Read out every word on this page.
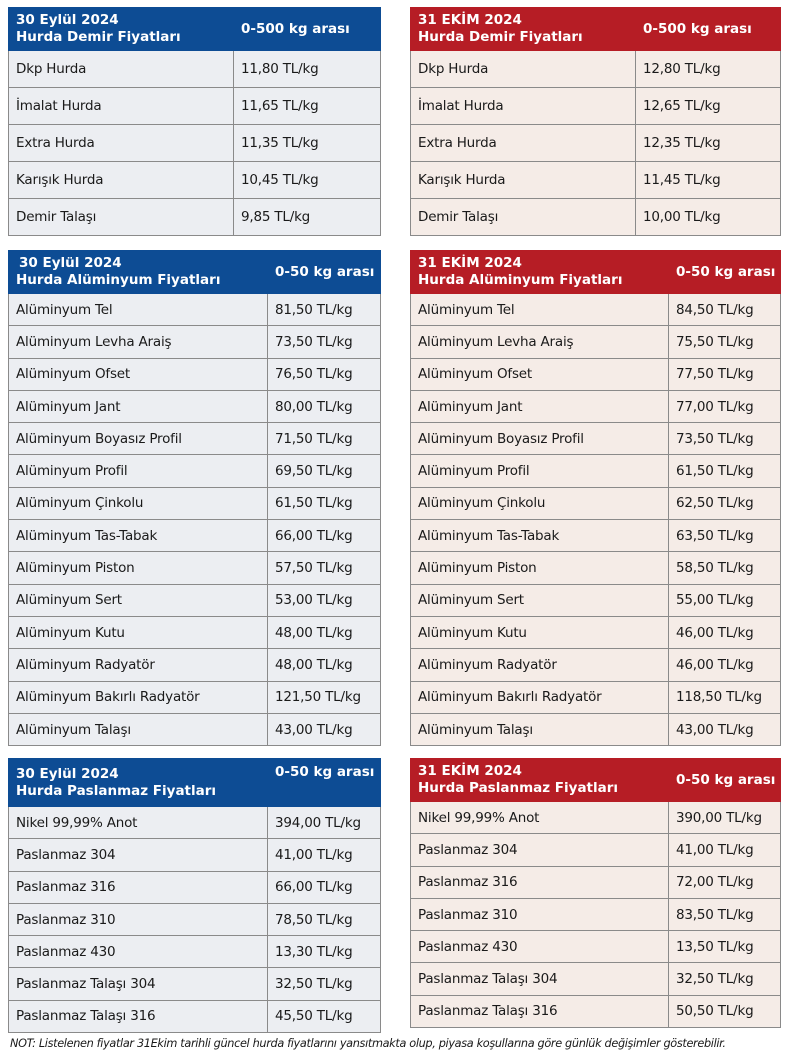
30 Eylül 2024
Hurda Demir Fiyatları	0-500 kg arası
Dkp Hurda	11,80 TL/kg
İmalat Hurda	11,65 TL/kg
Extra Hurda	11,35 TL/kg
Karışık Hurda	10,45 TL/kg
Demir Talaşı	9,85 TL/kg
31 EKİM 2024
Hurda Demir Fiyatları	0-500 kg arası
Dkp Hurda	12,80 TL/kg
İmalat Hurda	12,65 TL/kg
Extra Hurda	12,35 TL/kg
Karışık Hurda	11,45 TL/kg
Demir Talaşı	10,00 TL/kg
30 Eylül 2024
Hurda Alüminyum Fiyatları	0-50 kg arası
Alüminyum Tel	81,50 TL/kg
Alüminyum Levha Araiş	73,50 TL/kg
Alüminyum Ofset	76,50 TL/kg
Alüminyum Jant	80,00 TL/kg
Alüminyum Boyasız Profil	71,50 TL/kg
Alüminyum Profil	69,50 TL/kg
Alüminyum Çinkolu	61,50 TL/kg
Alüminyum Tas-Tabak	66,00 TL/kg
Alüminyum Piston	57,50 TL/kg
Alüminyum Sert	53,00 TL/kg
Alüminyum Kutu	48,00 TL/kg
Alüminyum Radyatör	48,00 TL/kg
Alüminyum Bakırlı Radyatör	121,50 TL/kg
Alüminyum Talaşı	43,00 TL/kg
31 EKİM 2024
Hurda Alüminyum Fiyatları	0-50 kg arası
Alüminyum Tel	84,50 TL/kg
Alüminyum Levha Araiş	75,50 TL/kg
Alüminyum Ofset	77,50 TL/kg
Alüminyum Jant	77,00 TL/kg
Alüminyum Boyasız Profil	73,50 TL/kg
Alüminyum Profil	61,50 TL/kg
Alüminyum Çinkolu	62,50 TL/kg
Alüminyum Tas-Tabak	63,50 TL/kg
Alüminyum Piston	58,50 TL/kg
Alüminyum Sert	55,00 TL/kg
Alüminyum Kutu	46,00 TL/kg
Alüminyum Radyatör	46,00 TL/kg
Alüminyum Bakırlı Radyatör	118,50 TL/kg
Alüminyum Talaşı	43,00 TL/kg
30 Eylül 2024
Hurda Paslanmaz Fiyatları	0-50 kg arası
Nikel 99,99% Anot	394,00 TL/kg
Paslanmaz 304	41,00 TL/kg
Paslanmaz 316	66,00 TL/kg
Paslanmaz 310	78,50 TL/kg
Paslanmaz 430	13,30 TL/kg
Paslanmaz Talaşı 304	32,50 TL/kg
Paslanmaz Talaşı 316	45,50 TL/kg
31 EKİM 2024
Hurda Paslanmaz Fiyatları	0-50 kg arası
Nikel 99,99% Anot	390,00 TL/kg
Paslanmaz 304	41,00 TL/kg
Paslanmaz 316	72,00 TL/kg
Paslanmaz 310	83,50 TL/kg
Paslanmaz 430	13,50 TL/kg
Paslanmaz Talaşı 304	32,50 TL/kg
Paslanmaz Talaşı 316	50,50 TL/kg
NOT: Listelenen fiyatlar 31Ekim tarihli güncel hurda fiyatlarını yansıtmakta olup, piyasa koşullarına göre günlük değişimler gösterebilir.
